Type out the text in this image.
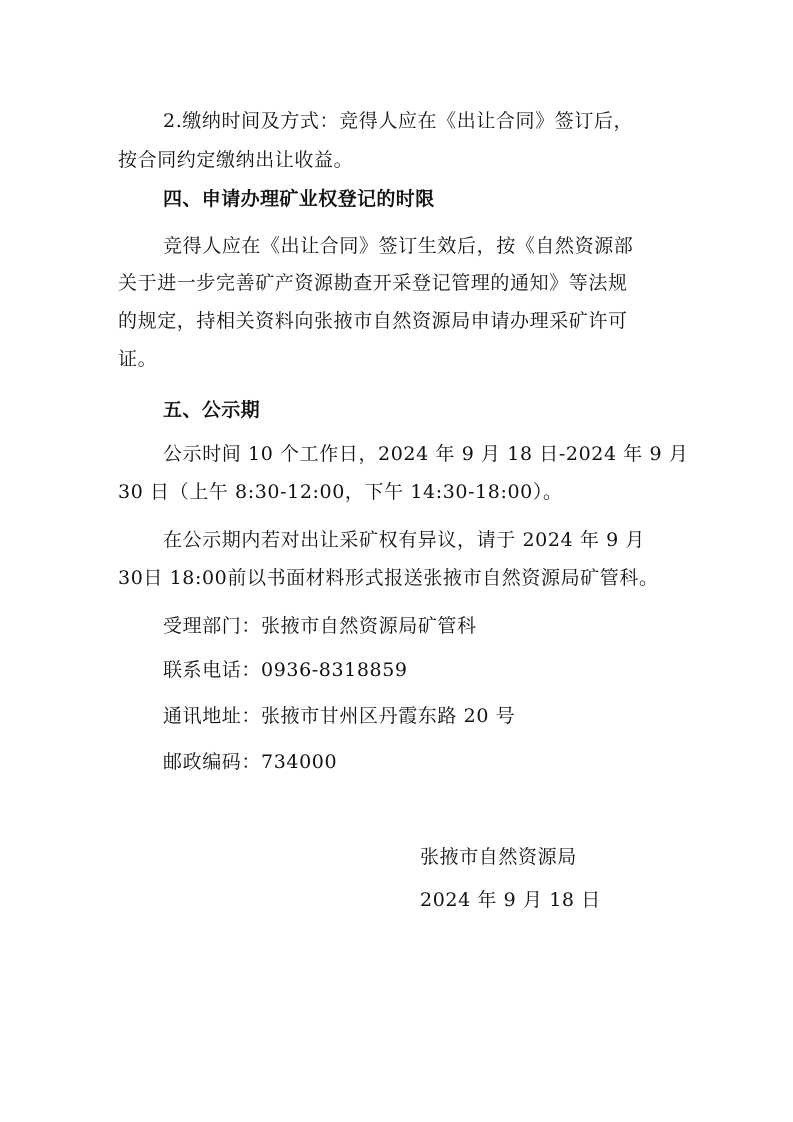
2.缴纳时间及方式：竞得人应在《出让合同》签订后，
按合同约定缴纳出让收益。
四、申请办理矿业权登记的时限
竞得人应在《出让合同》签订生效后，按《自然资源部
关于进一步完善矿产资源勘查开采登记管理的通知》等法规
的规定，持相关资料向张掖市自然资源局申请办理采矿许可
证。
五、公示期
公示时间 10 个工作日，2024 年 9 月 18 日-2024 年 9 月
30 日（上午 8:30-12:00，下午 14:30-18:00）。
在公示期内若对出让采矿权有异议，请于 2024 年 9 月
30日 18:00前以书面材料形式报送张掖市自然资源局矿管科。
受理部门：张掖市自然资源局矿管科
联系电话：0936-8318859
通讯地址：张掖市甘州区丹霞东路 20 号
邮政编码：734000
张掖市自然资源局
2024 年 9 月 18 日
